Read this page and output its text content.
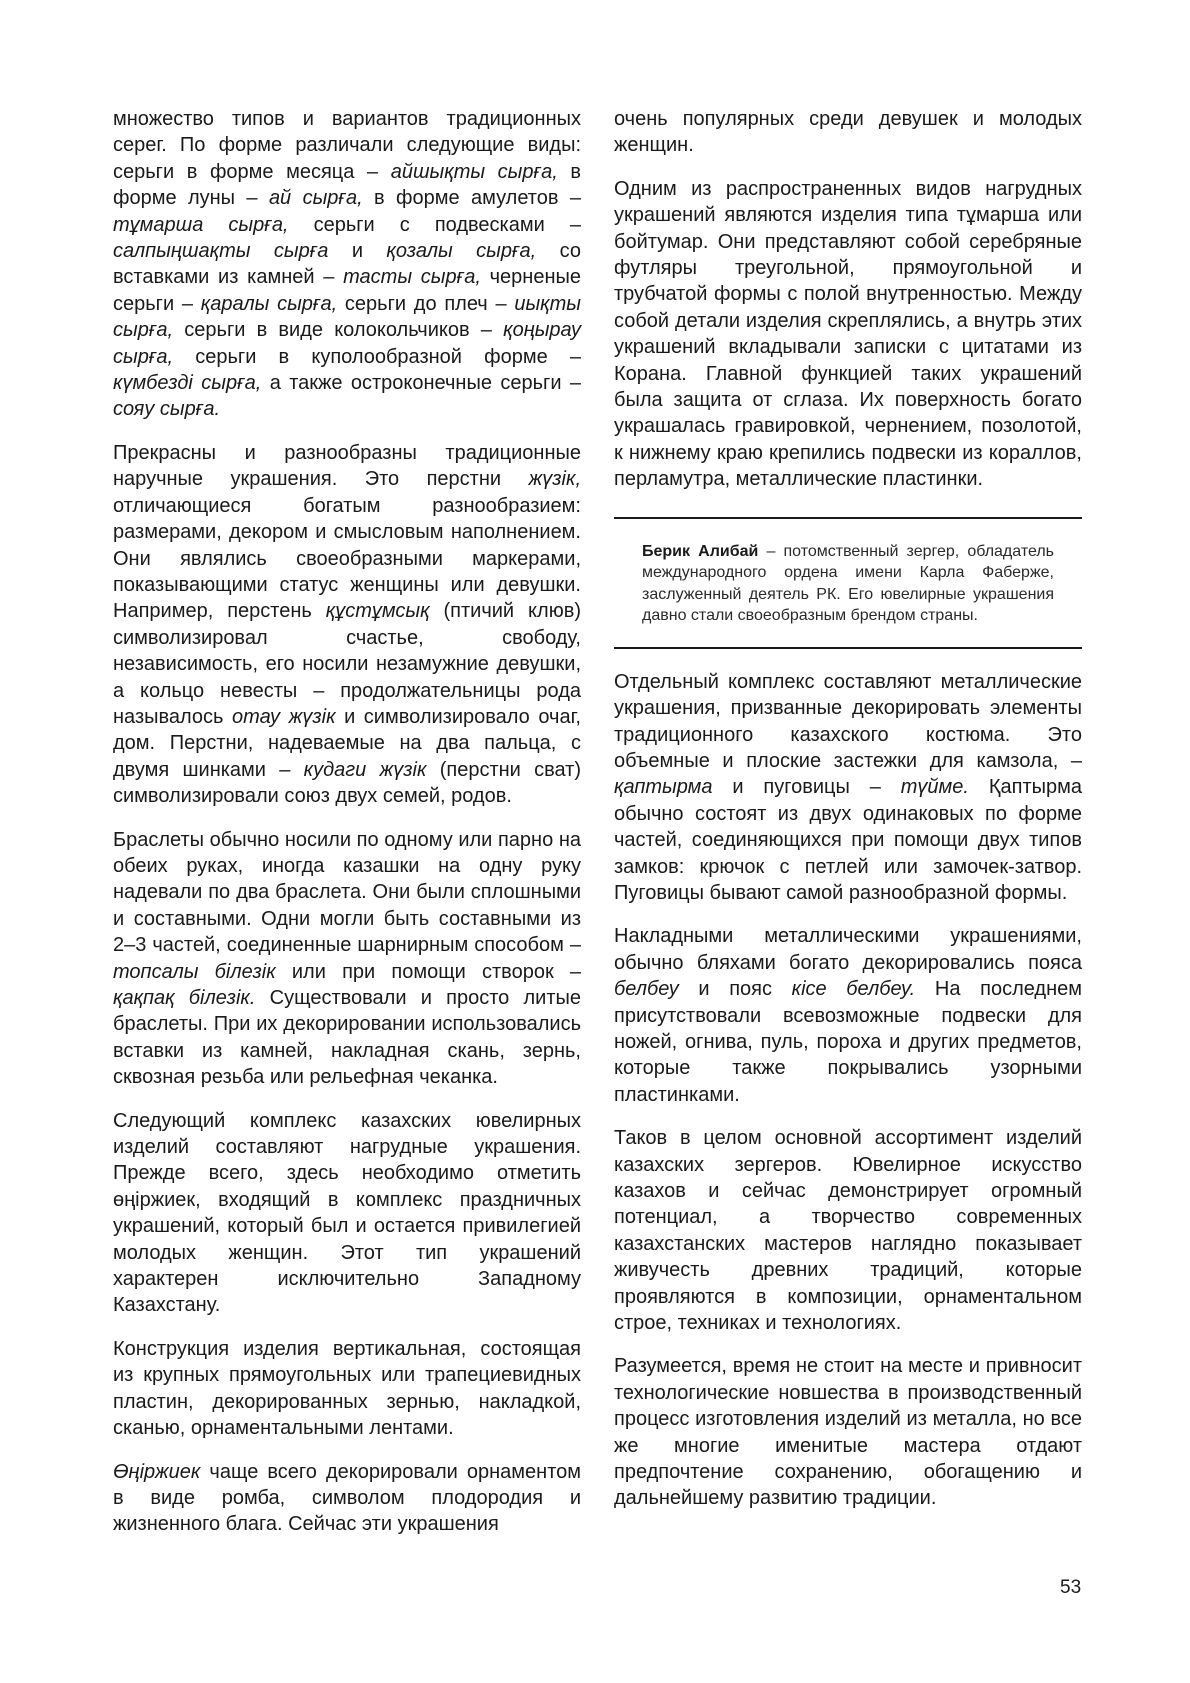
множество типов и вариантов традиционных серег. По форме различали следующие виды: серьги в форме месяца – айшықты сырға, в форме луны – ай сырға, в форме амулетов – тұмарша сырға, серьги с подвесками – салпыңшақты сырға и қозалы сырға, со вставками из камней – тасты сырға, черненые серьги – қаралы сырға, серьги до плеч – иықты сырға, серьги в виде колокольчиков – қоңырау сырға, серьги в куполообразной форме – күмбезді сырға, а также остроконечные серьги – сояу сырға.

Прекрасны и разнообразны традиционные наручные украшения. Это перстни жүзік, отличающиеся богатым разнообразием: размерами, декором и смысловым наполнением. Они являлись своеобразными маркерами, показывающими статус женщины или девушки. Например, перстень құстұмсық (птичий клюв) символизировал счастье, свободу, независимость, его носили незамужние девушки, а кольцо невесты – продолжательницы рода называлось отау жүзік и символизировало очаг, дом. Перстни, надеваемые на два пальца, с двумя шинками – кудаги жүзік (перстни сват) символизировали союз двух семей, родов.

Браслеты обычно носили по одному или парно на обеих руках, иногда казашки на одну руку надевали по два браслета. Они были сплошными и составными. Одни могли быть составными из 2–3 частей, соединенные шарнирным способом – топсалы білезік или при помощи створок – қақпақ білезік. Существовали и просто литые браслеты. При их декорировании использовались вставки из камней, накладная скань, зернь, сквозная резьба или рельефная чеканка.

Следующий комплекс казахских ювелирных изделий составляют нагрудные украшения. Прежде всего, здесь необходимо отметить өңіржиек, входящий в комплекс праздничных украшений, который был и остается привилегией молодых женщин. Этот тип украшений характерен исключительно Западному Казахстану.

Конструкция изделия вертикальная, состоящая из крупных прямоугольных или трапециевидных пластин, декорированных зернью, накладкой, сканью, орнаментальными лентами.

Өңіржиек чаще всего декорировали орнаментом в виде ромба, символом плодородия и жизненного блага. Сейчас эти украшения

очень популярных среди девушек и молодых женщин.

Одним из распространенных видов нагрудных украшений являются изделия типа тұмарша или бойтумар. Они представляют собой серебряные футляры треугольной, прямоугольной и трубчатой формы с полой внутренностью. Между собой детали изделия скреплялись, а внутрь этих украшений вкладывали записки с цитатами из Корана. Главной функцией таких украшений была защита от сглаза. Их поверхность богато украшалась гравировкой, чернением, позолотой, к нижнему краю крепились подвески из кораллов, перламутра, металлические пластинки.

Берик Алибай – потомственный зергер, обладатель международного ордена имени Карла Фаберже, заслуженный деятель РК. Его ювелирные украшения давно стали своеобразным брендом страны.

Отдельный комплекс составляют металлические украшения, призванные декорировать элементы традиционного казахского костюма. Это объемные и плоские застежки для камзола, – қаптырма и пуговицы – түйме. Қаптырма обычно состоят из двух одинаковых по форме частей, соединяющихся при помощи двух типов замков: крючок с петлей или замочек-затвор. Пуговицы бывают самой разнообразной формы.

Накладными металлическими украшениями, обычно бляхами богато декорировались пояса белбеу и пояс кісе белбеу. На последнем присутствовали всевозможные подвески для ножей, огнива, пуль, пороха и других предметов, которые также покрывались узорными пластинками.

Таков в целом основной ассортимент изделий казахских зергеров. Ювелирное искусство казахов и сейчас демонстрирует огромный потенциал, а творчество современных казахстанских мастеров наглядно показывает живучесть древних традиций, которые проявляются в композиции, орнаментальном строе, техниках и технологиях.

Разумеется, время не стоит на месте и привносит технологические новшества в производственный процесс изготовления изделий из металла, но все же многие именитые мастера отдают предпочтение сохранению, обогащению и дальнейшему развитию традиции.

53
